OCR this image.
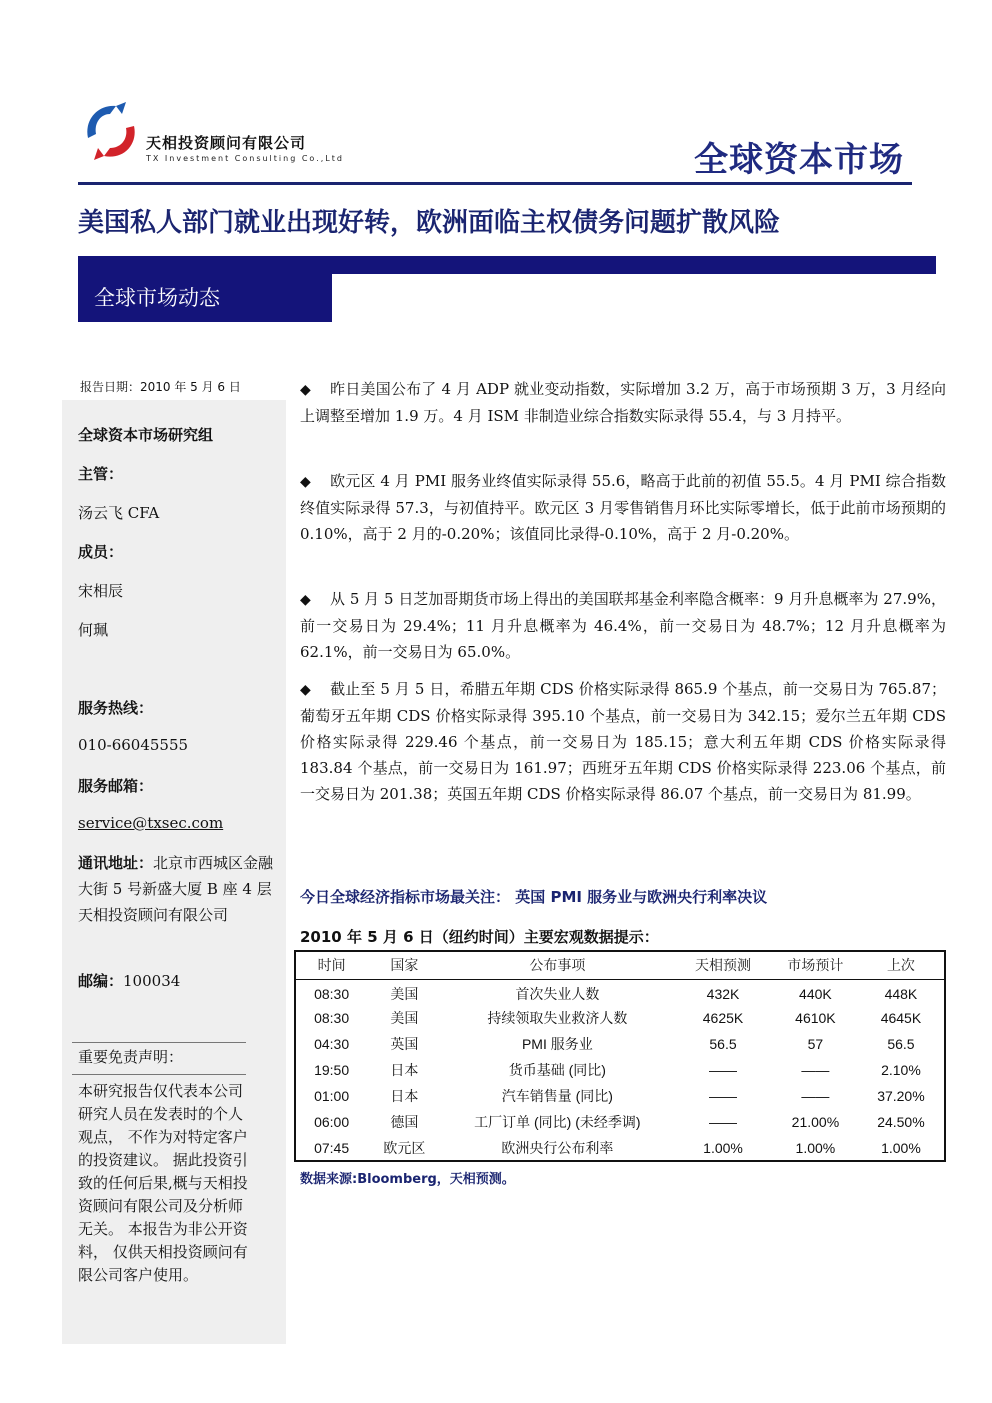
天相投资顾问有限公司
TX Investment Consulting Co.,Ltd	全球资本市场
美国私人部门就业出现好转，欧洲面临主权债务问题扩散风险
全球市场动态
报告日期：2010 年 5 月 6 日
全球资本市场研究组
主管：
汤云飞 CFA
成员：
宋相辰
何珮
服务热线：
010-66045555
服务邮箱：
service@txsec.com
通讯地址：北京市西城区金融大街 5 号新盛大厦 B 座 4 层 天相投资顾问有限公司
邮编：100034
重要免责声明：
本研究报告仅代表本公司研究人员在发表时的个人观点， 不作为对特定客户的投资建议。 据此投资引致的任何后果,概与天相投资顾问有限公司及分析师无关。 本报告为非公开资料， 仅供天相投资顾问有限公司客户使用。
◆ 昨日美国公布了 4 月 ADP 就业变动指数，实际增加 3.2 万，高于市场预期 3 万，3 月经向上调整至增加 1.9 万。4 月 ISM 非制造业综合指数实际录得 55.4，与 3 月持平。
◆ 欧元区 4 月 PMI 服务业终值实际录得 55.6，略高于此前的初值 55.5。4 月 PMI 综合指数终值实际录得 57.3，与初值持平。欧元区 3 月零售销售月环比实际零增长，低于此前市场预期的 0.10%，高于 2 月的-0.20%；该值同比录得-0.10%，高于 2 月-0.20%。
◆ 从 5 月 5 日芝加哥期货市场上得出的美国联邦基金利率隐含概率：9 月升息概率为 27.9%，前一交易日为 29.4%；11 月升息概率为 46.4%，前一交易日为 48.7%；12 月升息概率为 62.1%，前一交易日为 65.0%。
◆ 截止至 5 月 5 日，希腊五年期 CDS 价格实际录得 865.9 个基点，前一交易日为 765.87；葡萄牙五年期 CDS 价格实际录得 395.10 个基点，前一交易日为 342.15；爱尔兰五年期 CDS 价格实际录得 229.46 个基点，前一交易日为 185.15；意大利五年期 CDS 价格实际录得 183.84 个基点，前一交易日为 161.97；西班牙五年期 CDS 价格实际录得 223.06 个基点，前一交易日为 201.38；英国五年期 CDS 价格实际录得 86.07 个基点，前一交易日为 81.99。
今日全球经济指标市场最关注： 英国 PMI 服务业与欧洲央行利率决议
2010 年 5 月 6 日（纽约时间）主要宏观数据提示：
时间	国家	公布事项	天相预测	市场预计	上次
08:30	美国	首次失业人数	432K	440K	448K
08:30	美国	持续领取失业救济人数	4625K	4610K	4645K
04:30	英国	PMI 服务业	56.5	57	56.5
19:50	日本	货币基础 (同比)	——	——	2.10%
01:00	日本	汽车销售量 (同比)	——	——	37.20%
06:00	德国	工厂订单 (同比) (未经季调)	——	21.00%	24.50%
07:45	欧元区	欧洲央行公布利率	1.00%	1.00%	1.00%
数据来源:Bloomberg，天相预测。
